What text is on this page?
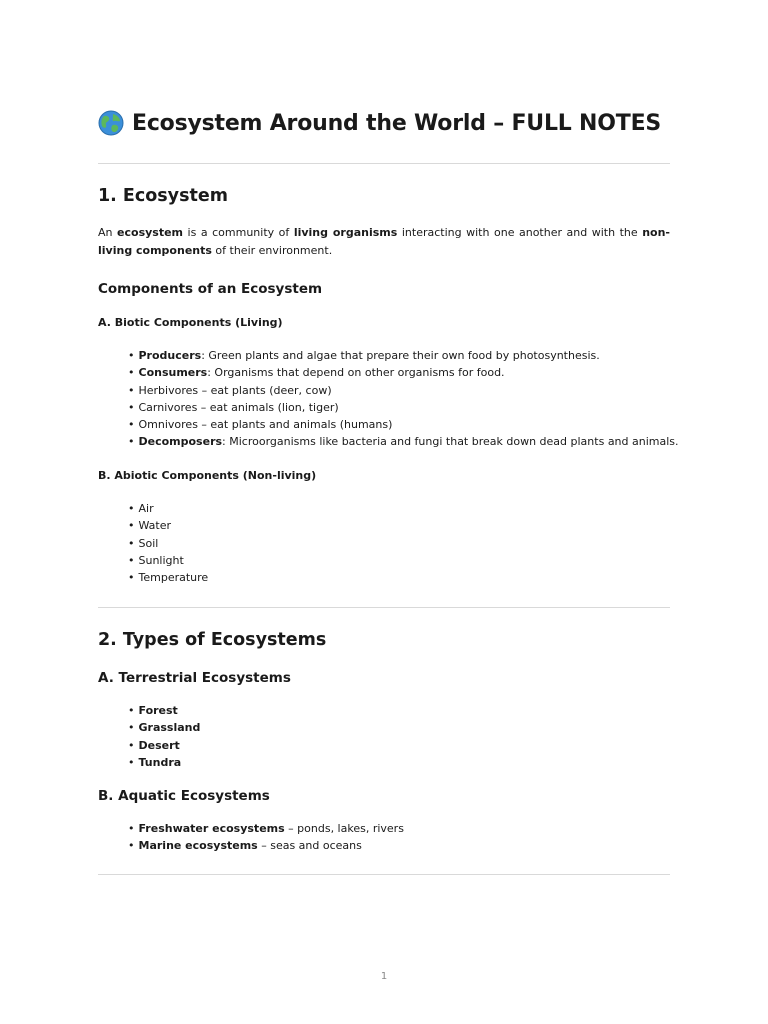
Ecosystem Around the World – FULL NOTES
1. Ecosystem

An ecosystem is a community of living organisms interacting with one another and with the non-living components of their environment.

Components of an Ecosystem
A. Biotic Components (Living)
• Producers: Green plants and algae that prepare their own food by photosynthesis.
• Consumers: Organisms that depend on other organisms for food.
• Herbivores – eat plants (deer, cow)
• Carnivores – eat animals (lion, tiger)
• Omnivores – eat plants and animals (humans)
• Decomposers: Microorganisms like bacteria and fungi that break down dead plants and animals.
B. Abiotic Components (Non-living)
• Air
• Water
• Soil
• Sunlight
• Temperature
2. Types of Ecosystems
A. Terrestrial Ecosystems
• Forest
• Grassland
• Desert
• Tundra
B. Aquatic Ecosystems
• Freshwater ecosystems – ponds, lakes, rivers
• Marine ecosystems – seas and oceans
1
